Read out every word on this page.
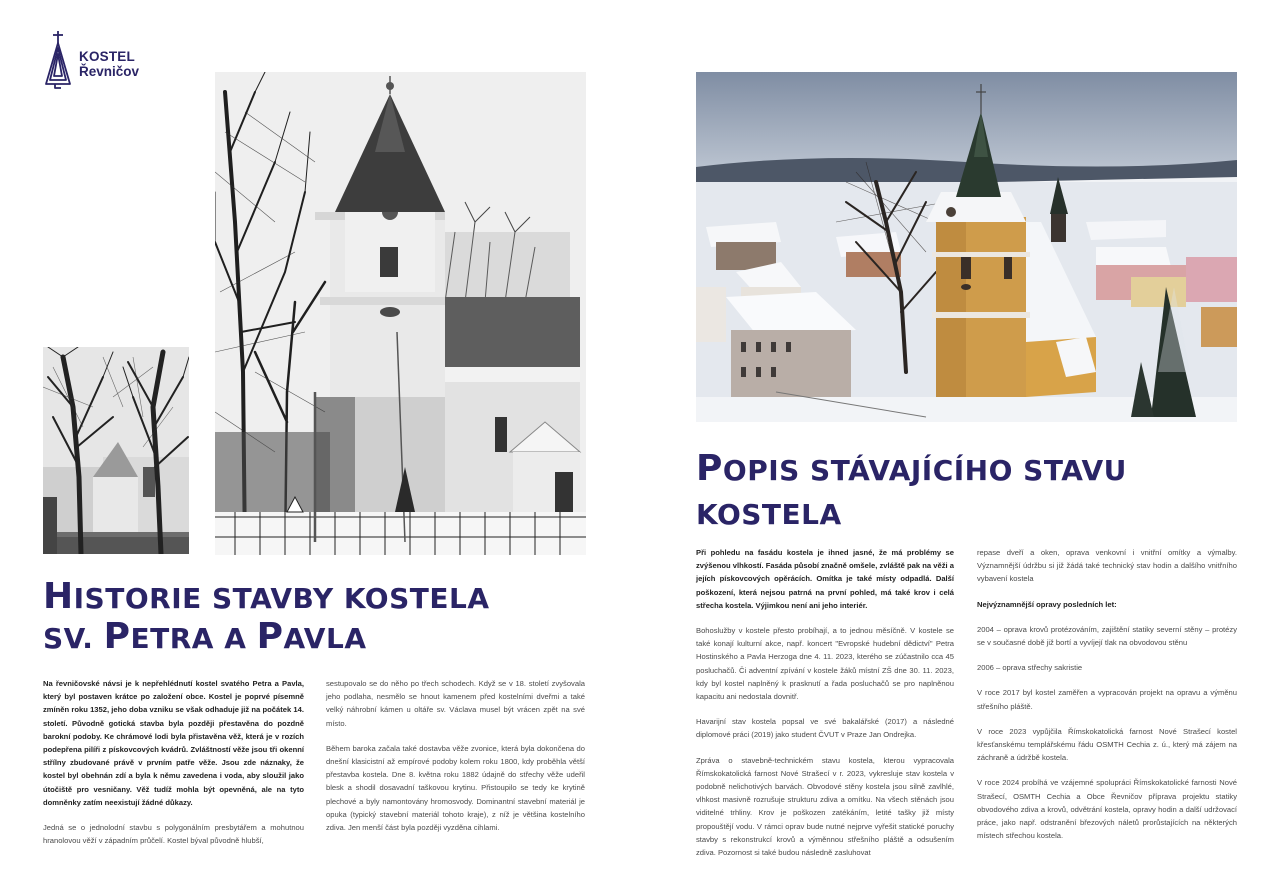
KOSTEL
Řevničov
HISTORIE STAVBY KOSTELA
SV. PETRA A PAVLA
POPIS STÁVAJÍCÍHO STAVU
KOSTELA

Na řevničovské návsi je k nepřehlédnutí kostel svatého Petra a Pavla, který byl postaven krátce po založení obce. Kostel je poprvé písemně zmíněn roku 1352, jeho doba vzniku se však odhaduje již na počátek 14. století. Původně gotická stavba byla později přestavěna do pozdně barokní podoby. Ke chrámové lodi byla přistavěna věž, která je v rozích podepřena pilíři z pískovcových kvádrů. Zvláštností věže jsou tři okenní střílny zbudované právě v prvním patře věže. Jsou zde náznaky, že kostel byl obehnán zdí a byla k němu zavedena i voda, aby sloužil jako útočiště pro vesničany. Věž tudíž mohla být opevněná, ale na tyto domněnky zatím neexistují žádné důkazy.

Jedná se o jednolodní stavbu s polygonálním presbytářem a mohutnou hranolovou věží v západním průčelí. Kostel býval původně hlubší,

sestupovalo se do něho po třech schodech. Když se v 18. století zvyšovala jeho podlaha, nesmělo se hnout kamenem před kostelními dveřmi a také velký náhrobní kámen u oltáře sv. Václava musel být vrácen zpět na své místo.

Během baroka začala také dostavba věže zvonice, která byla dokončena do dnešní klasicistní až empírové podoby kolem roku 1800, kdy proběhla větší přestavba kostela. Dne 8. května roku 1882 údajně do střechy věže udeřil blesk a shodil dosavadní taškovou krytinu. Přistoupilo se tedy ke krytině plechové a byly namontovány hromosvody. Dominantní stavební materiál je opuka (typický stavební materiál tohoto kraje), z níž je většina kostelního zdiva. Jen menší část byla později vyzděna cihlami.

Při pohledu na fasádu kostela je ihned jasné, že má problémy se zvýšenou vlhkostí. Fasáda působí značně omšele, zvláště pak na věži a jejích pískovcových opěrácích. Omítka je také místy odpadlá. Další poškození, která nejsou patrná na první pohled, má také krov i celá střecha kostela. Výjimkou není ani jeho interiér.

Bohoslužby v kostele přesto probíhají, a to jednou měsíčně. V kostele se také konají kulturní akce, např. koncert "Evropské hudební dědictví" Petra Hostinského a Pavla Herzoga dne 4. 11. 2023, kterého se zúčastnilo cca 45 posluchačů. Či adventní zpívání v kostele žáků místní ZŠ dne 30. 11. 2023, kdy byl kostel naplněný k prasknutí a řada posluchačů se pro naplněnou kapacitu ani nedostala dovnitř.

Havarijní stav kostela popsal ve své bakalářské (2017) a následné diplomové práci (2019) jako student ČVUT v Praze Jan Ondrejka.

Zpráva o stavebně-technickém stavu kostela, kterou vypracovala Římskokatolická farnost Nové Strašecí v r. 2023, vykresluje stav kostela v podobně nelichotivých barvách. Obvodové stěny kostela jsou silně zavlhlé, vlhkost masivně rozrušuje strukturu zdiva a omítku. Na všech stěnách jsou viditelné trhliny. Krov je poškozen zatékáním, letité tašky již místy propouštějí vodu. V rámci oprav bude nutné nejprve vyřešit statické poruchy stavby s rekonstrukcí krovů a výměnnou střešního pláště a odsušením zdiva. Pozornost si také budou následně zasluhovat

repase dveří a oken, oprava venkovní i vnitřní omítky a výmalby. Významnější údržbu si již žádá také technický stav hodin a dalšího vnitřního vybavení kostela

Nejvýznamnější opravy posledních let:

2004 – oprava krovů protézováním, zajištění statiky severní stěny – protézy se v současné době již bortí a vyvíjejí tlak na obvodovou stěnu

2006 – oprava střechy sakristie

V roce 2017 byl kostel zaměřen a vypracován projekt na opravu a výměnu střešního pláště.

V roce 2023 vypůjčila Římskokatolická farnost Nové Strašecí kostel křesťanskému templářskému řádu OSMTH Cechia z. ú., který má zájem na záchraně a údržbě kostela.

V roce 2024 probíhá ve vzájemné spolupráci Římskokatolické farnosti Nové Strašecí, OSMTH Cechia a Obce Řevničov příprava projektu statiky obvodového zdiva a krovů, odvětrání kostela, opravy hodin a další udržovací práce, jako např. odstranění březových náletů prorůstajících na některých místech střechou kostela.
